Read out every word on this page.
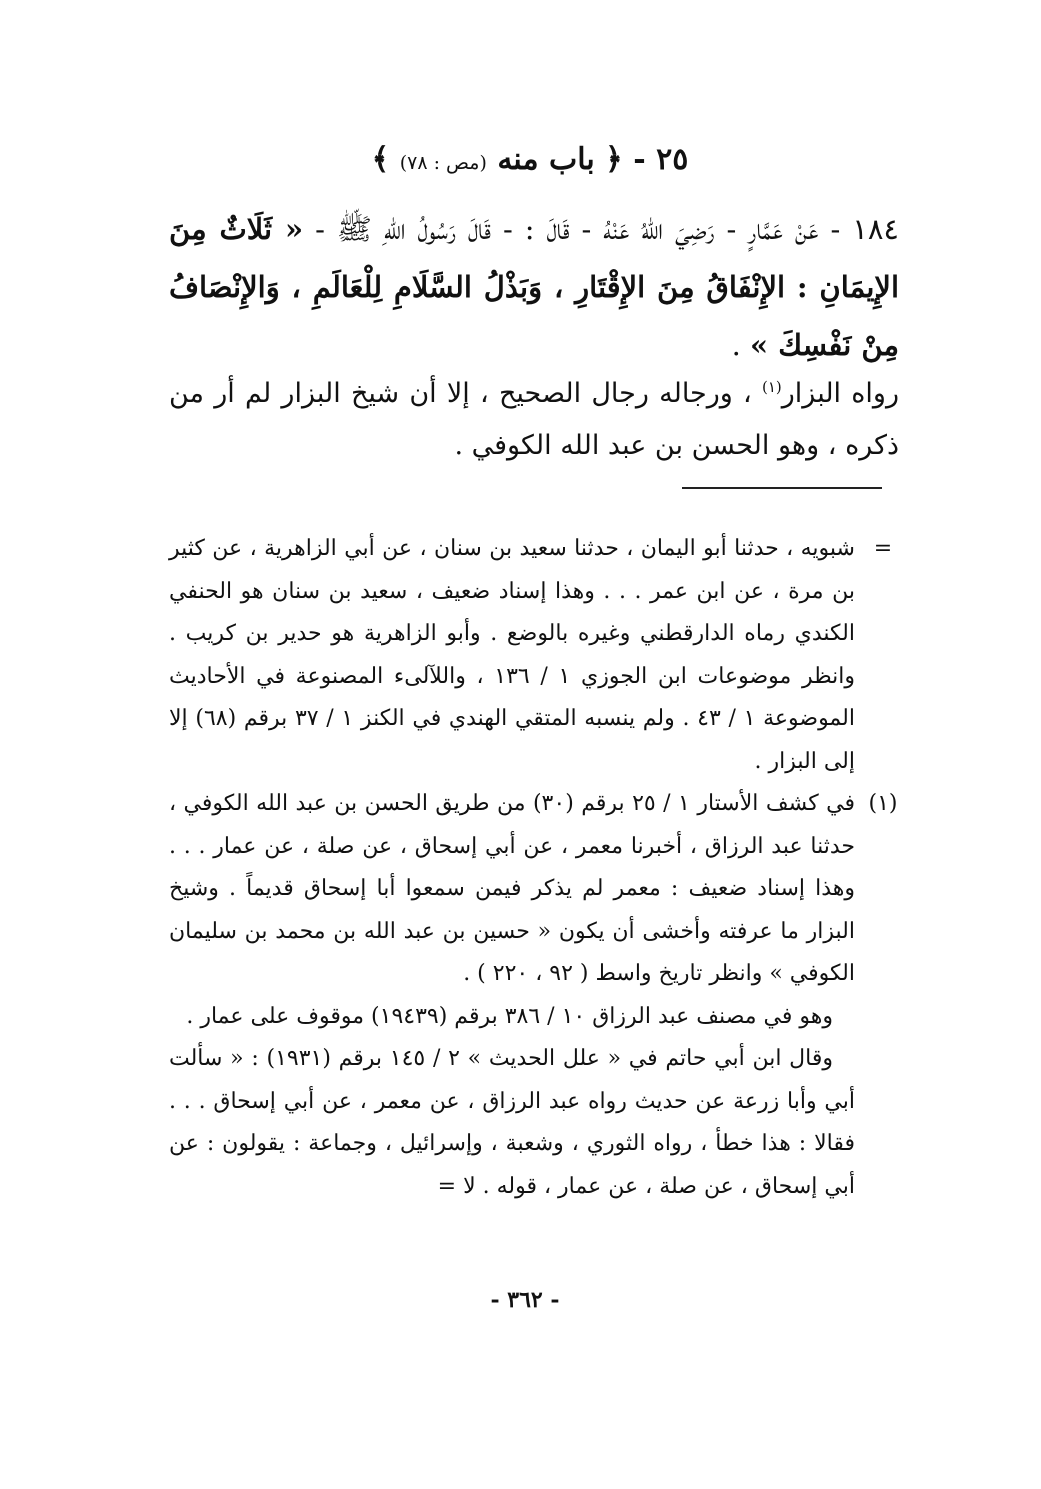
٢٥ - ﴿ باب منه (مص : ٧٨) ﴾
١٨٤ - عَنْ عَمَّارٍ - رَضِيَ اللهُ عَنْهُ - قَالَ : - قَالَ رَسُولُ اللهِ ﷺ - « ثَلَاثٌ مِنَ الإِيمَانِ : الإِنْفَاقُ مِنَ الإِقْتَارِ ، وَبَذْلُ السَّلَامِ لِلْعَالَمِ ، وَالإِنْصَافُ مِنْ نَفْسِكَ » .
رواه البزار$^{(١)}$ ، ورجاله رجال الصحيح ، إلا أن شيخ البزار لم أر من ذكره ، وهو الحسن بن عبد الله الكوفي .
=

شبويه ، حدثنا أبو اليمان ، حدثنا سعيد بن سنان ، عن أبي الزاهرية ، عن كثير بن مرة ، عن ابن عمر . . . وهذا إسناد ضعيف ، سعيد بن سنان هو الحنفي الكندي رماه الدارقطني وغيره بالوضع . وأبو الزاهرية هو حدير بن كريب . وانظر موضوعات ابن الجوزي ١ / ١٣٦ ، واللآلىء المصنوعة في الأحاديث الموضوعة ١ / ٤٣ . ولم ينسبه المتقي الهندي في الكنز ١ / ٣٧ برقم (٦٨) إلا إلى البزار .

(١)

في كشف الأستار ١ / ٢٥ برقم (٣٠) من طريق الحسن بن عبد الله الكوفي ، حدثنا عبد الرزاق ، أخبرنا معمر ، عن أبي إسحاق ، عن صلة ، عن عمار . . . وهذا إسناد ضعيف : معمر لم يذكر فيمن سمعوا أبا إسحاق قديماً . وشيخ البزار ما عرفته وأخشى أن يكون « حسين بن عبد الله بن محمد بن سليمان الكوفي » وانظر تاريخ واسط ( ٩٢ ، ٢٢٠ ) .

وهو في مصنف عبد الرزاق ١٠ / ٣٨٦ برقم (١٩٤٣٩) موقوف على عمار .

وقال ابن أبي حاتم في « علل الحديث » ٢ / ١٤٥ برقم (١٩٣١) : « سألت أبي وأبا زرعة عن حديث رواه عبد الرزاق ، عن معمر ، عن أبي إسحاق . . . فقالا : هذا خطأ ، رواه الثوري ، وشعبة ، وإسرائيل ، وجماعة : يقولون : عن أبي إسحاق ، عن صلة ، عن عمار ، قوله . لا =

- ٣٦٢ -
